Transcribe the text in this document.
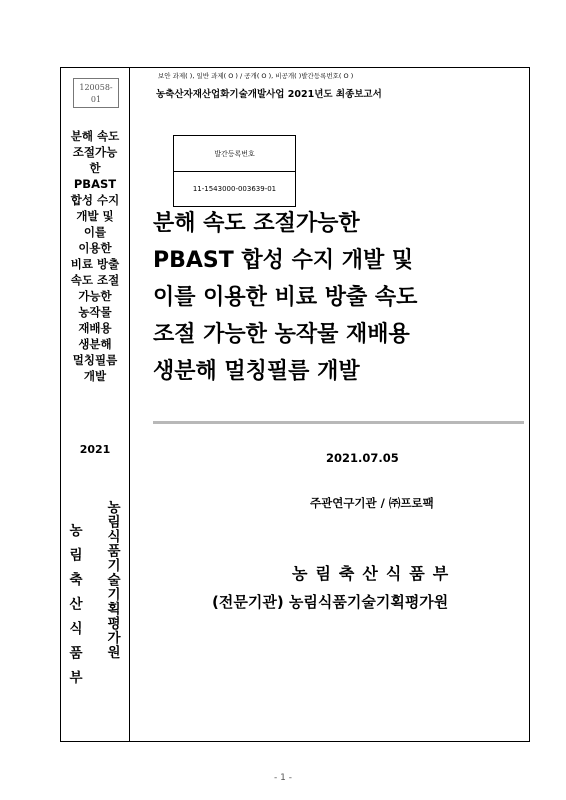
120058-
01
분해 속도
조절가능
한
PBAST
합성 수지
개발 및
이를
이용한
비료 방출
속도 조절
가능한
농작물
재배용
생분해
멀칭필름
개발
2021
농림축산식품부 농림식품기술기획평가원
보안 과제( ), 일반 과제( O ) / 공개( O ), 비공개( )발간등록번호( O )
농축산자재산업화기술개발사업 2021년도 최종보고서
발간등록번호
11-1543000-003639-01
분해 속도 조절가능한
PBAST 합성 수지 개발 및
이를 이용한 비료 방출 속도
조절 가능한 농작물 재배용
생분해 멀칭필름 개발
2021.07.05
주관연구기관 / ㈜프로팩
농림축산식품부
(전문기관) 농림식품기술기획평가원
- 1 -
